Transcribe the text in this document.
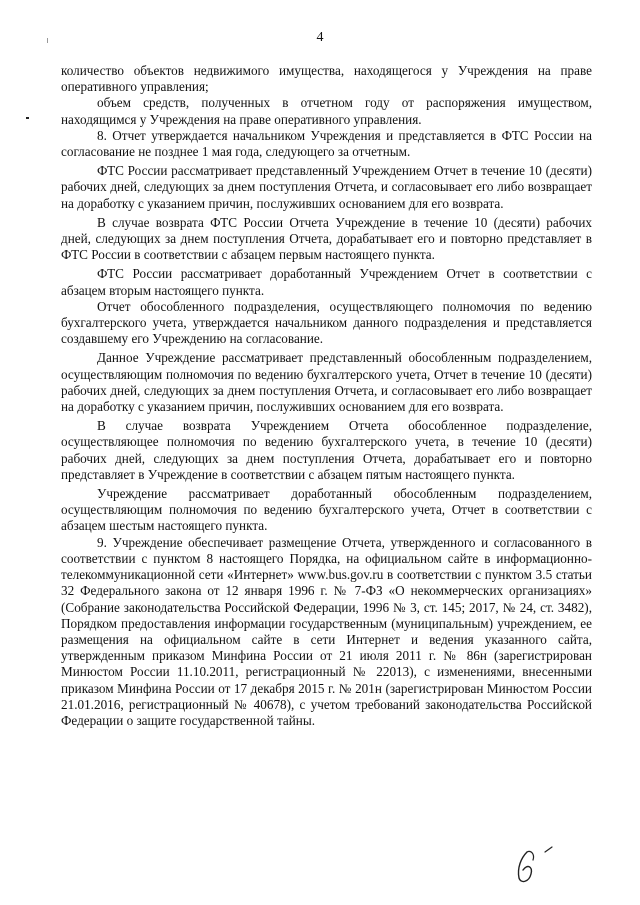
4

количество объектов недвижимого имущества, находящегося у Учреждения на праве оперативного управления;

объем средств, полученных в отчетном году от распоряжения имуществом, находящимся у Учреждения на праве оперативного управления.

8. Отчет утверждается начальником Учреждения и представляется в ФТС России на согласование не позднее 1 мая года, следующего за отчетным.

ФТС России рассматривает представленный Учреждением Отчет в течение 10 (десяти) рабочих дней, следующих за днем поступления Отчета, и согласовывает его либо возвращает на доработку с указанием причин, послуживших основанием для его возврата.

В случае возврата ФТС России Отчета Учреждение в течение 10 (десяти) рабочих дней, следующих за днем поступления Отчета, дорабатывает его и повторно представляет в ФТС России в соответствии с абзацем первым настоящего пункта.

ФТС России рассматривает доработанный Учреждением Отчет в соответствии с абзацем вторым настоящего пункта.

Отчет обособленного подразделения, осуществляющего полномочия по ведению бухгалтерского учета, утверждается начальником данного подразделения и представляется создавшему его Учреждению на согласование.

Данное Учреждение рассматривает представленный обособленным подразделением, осуществляющим полномочия по ведению бухгалтерского учета, Отчет в течение 10 (десяти) рабочих дней, следующих за днем поступления Отчета, и согласовывает его либо возвращает на доработку с указанием причин, послуживших основанием для его возврата.

В случае возврата Учреждением Отчета обособленное подразделение, осуществляющее полномочия по ведению бухгалтерского учета, в течение 10 (десяти) рабочих дней, следующих за днем поступления Отчета, дорабатывает его и повторно представляет в Учреждение в соответствии с абзацем пятым настоящего пункта.

Учреждение рассматривает доработанный обособленным подразделением, осуществляющим полномочия по ведению бухгалтерского учета, Отчет в соответствии с абзацем шестым настоящего пункта.

9. Учреждение обеспечивает размещение Отчета, утвержденного и согласованного в соответствии с пунктом 8 настоящего Порядка, на официальном сайте в информационно-телекоммуникационной сети «Интернет» www.bus.gov.ru в соответствии с пунктом 3.5 статьи 32 Федерального закона от 12 января 1996 г. № 7-ФЗ «О некоммерческих организациях» (Собрание законодательства Российской Федерации, 1996 № 3, ст. 145; 2017, № 24, ст. 3482), Порядком предоставления информации государственным (муниципальным) учреждением, ее размещения на официальном сайте в сети Интернет и ведения указанного сайта, утвержденным приказом Минфина России от 21 июля 2011 г. № 86н (зарегистрирован Минюстом России 11.10.2011, регистрационный № 22013), с изменениями, внесенными приказом Минфина России от 17 декабря 2015 г. № 201н (зарегистрирован Минюстом России 21.01.2016, регистрационный № 40678), с учетом требований законодательства Российской Федерации о защите государственной тайны.
